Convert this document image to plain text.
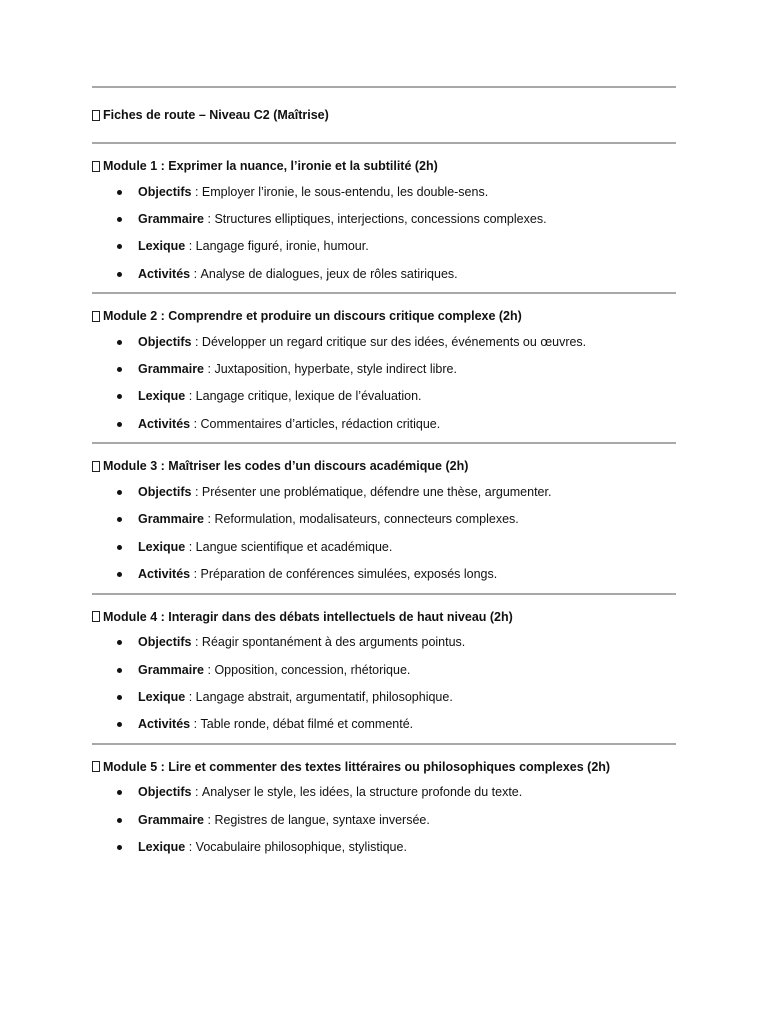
Fiches de route – Niveau C2 (Maîtrise)
Module 1 : Exprimer la nuance, l’ironie et la subtilité (2h)
Objectifs : Employer l’ironie, le sous-entendu, les double-sens.
Grammaire : Structures elliptiques, interjections, concessions complexes.
Lexique : Langage figuré, ironie, humour.
Activités : Analyse de dialogues, jeux de rôles satiriques.
Module 2 : Comprendre et produire un discours critique complexe (2h)
Objectifs : Développer un regard critique sur des idées, événements ou œuvres.
Grammaire : Juxtaposition, hyperbate, style indirect libre.
Lexique : Langage critique, lexique de l’évaluation.
Activités : Commentaires d’articles, rédaction critique.
Module 3 : Maîtriser les codes d’un discours académique (2h)
Objectifs : Présenter une problématique, défendre une thèse, argumenter.
Grammaire : Reformulation, modalisateurs, connecteurs complexes.
Lexique : Langue scientifique et académique.
Activités : Préparation de conférences simulées, exposés longs.
Module 4 : Interagir dans des débats intellectuels de haut niveau (2h)
Objectifs : Réagir spontanément à des arguments pointus.
Grammaire : Opposition, concession, rhétorique.
Lexique : Langage abstrait, argumentatif, philosophique.
Activités : Table ronde, débat filmé et commenté.
Module 5 : Lire et commenter des textes littéraires ou philosophiques complexes (2h)
Objectifs : Analyser le style, les idées, la structure profonde du texte.
Grammaire : Registres de langue, syntaxe inversée.
Lexique : Vocabulaire philosophique, stylistique.
